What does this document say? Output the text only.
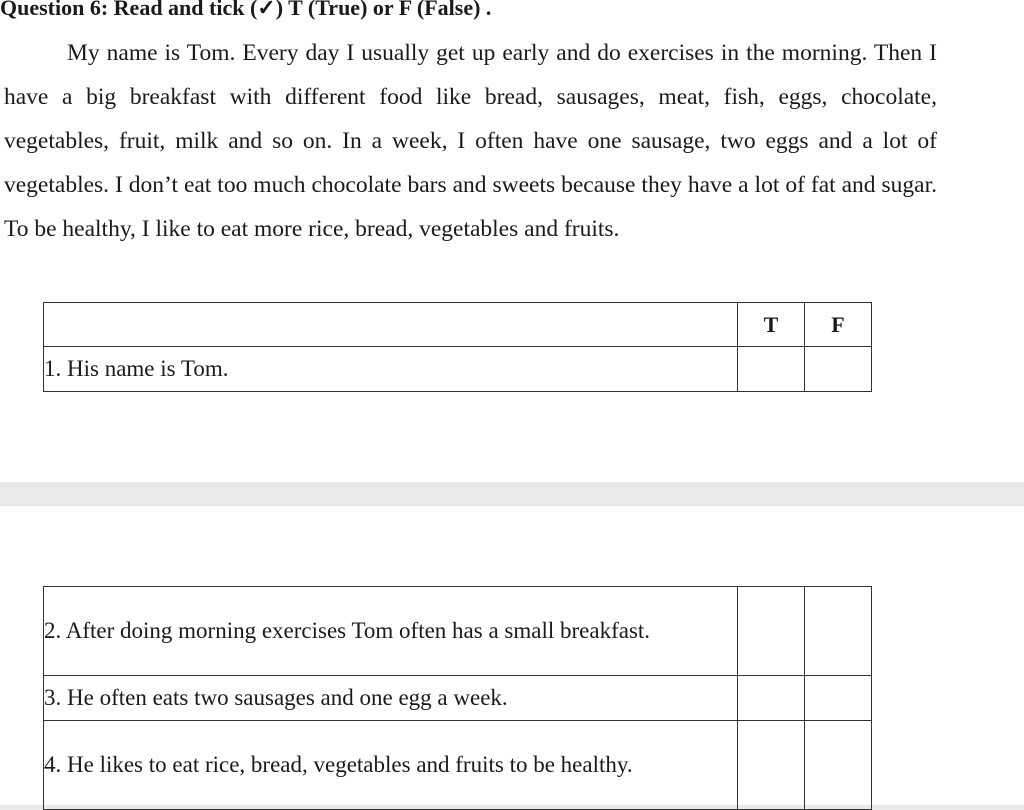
Question 6: Read and tick (✓) T (True) or F (False) .

My name is Tom. Every day I usually get up early and do exercises in the morning. Then I have a big breakfast with different food like bread, sausages, meat, fish, eggs, chocolate, vegetables, fruit, milk and so on. In a week, I often have one sausage, two eggs and a lot of vegetables. I don’t eat too much chocolate bars and sweets because they have a lot of fat and sugar. To be healthy, I like to eat more rice, bread, vegetables and fruits.

	T	F
1. His name is Tom.		
2. After doing morning exercises Tom often has a small breakfast.		
3. He often eats two sausages and one egg a week.		
4. He likes to eat rice, bread, vegetables and fruits to be healthy.		
